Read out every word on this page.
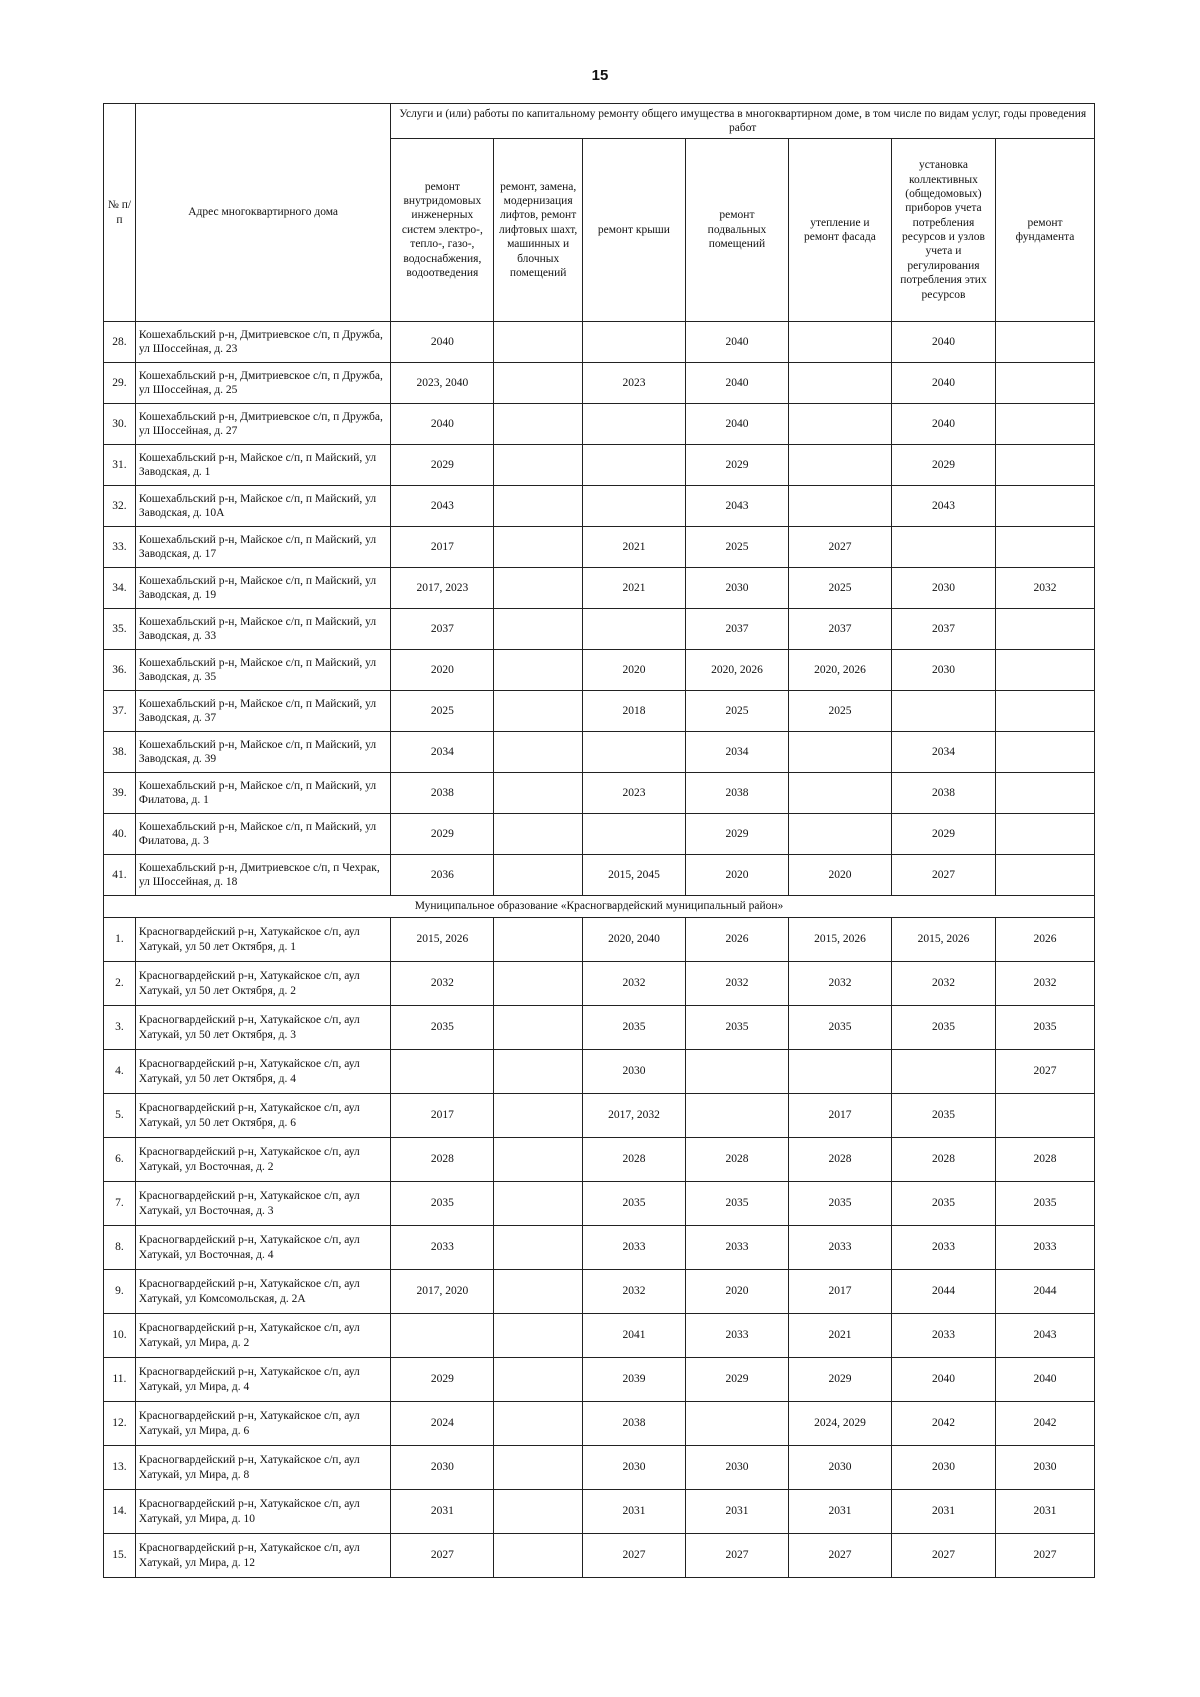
15
№ п/п	Адрес многоквартирного дома	Услуги и (или) работы по капитальному ремонту общего имущества в многоквартирном доме, в том числе по видам услуг, годы проведения работ						
		ремонт внутридомовых инженерных систем электро-, тепло-, газо-, водоснабжения, водоотведения	ремонт, замена, модернизация лифтов, ремонт лифтовых шахт, машинных и блочных помещений	ремонт крыши	ремонт подвальных помещений	утепление и ремонт фасада	установка коллективных (общедомовых) приборов учета потребления ресурсов и узлов учета и регулирования потребления этих ресурсов	ремонт фундамента
28.	Кошехабльский р-н, Дмитриевское с/п, п Дружба, ул Шоссейная, д. 23	2040			2040		2040	
29.	Кошехабльский р-н, Дмитриевское с/п, п Дружба, ул Шоссейная, д. 25	2023, 2040		2023	2040		2040	
30.	Кошехабльский р-н, Дмитриевское с/п, п Дружба, ул Шоссейная, д. 27	2040			2040		2040	
31.	Кошехабльский р-н, Майское с/п, п Майский, ул Заводская, д. 1	2029			2029		2029	
32.	Кошехабльский р-н, Майское с/п, п Майский, ул Заводская, д. 10А	2043			2043		2043	
33.	Кошехабльский р-н, Майское с/п, п Майский, ул Заводская, д. 17	2017		2021	2025	2027		
34.	Кошехабльский р-н, Майское с/п, п Майский, ул Заводская, д. 19	2017, 2023		2021	2030	2025	2030	2032
35.	Кошехабльский р-н, Майское с/п, п Майский, ул Заводская, д. 33	2037			2037	2037	2037	
36.	Кошехабльский р-н, Майское с/п, п Майский, ул Заводская, д. 35	2020		2020	2020, 2026	2020, 2026	2030	
37.	Кошехабльский р-н, Майское с/п, п Майский, ул Заводская, д. 37	2025		2018	2025	2025		
38.	Кошехабльский р-н, Майское с/п, п Майский, ул Заводская, д. 39	2034			2034		2034	
39.	Кошехабльский р-н, Майское с/п, п Майский, ул Филатова, д. 1	2038		2023	2038		2038	
40.	Кошехабльский р-н, Майское с/п, п Майский, ул Филатова, д. 3	2029			2029		2029	
41.	Кошехабльский р-н, Дмитриевское с/п, п Чехрак, ул Шоссейная, д. 18	2036		2015, 2045	2020	2020	2027	
Муниципальное образование «Красногвардейский муниципальный район»								
1.	Красногвардейский р-н, Хатукайское с/п, аул Хатукай, ул 50 лет Октября, д. 1	2015, 2026		2020, 2040	2026	2015, 2026	2015, 2026	2026
2.	Красногвардейский р-н, Хатукайское с/п, аул Хатукай, ул 50 лет Октября, д. 2	2032		2032	2032	2032	2032	2032
3.	Красногвардейский р-н, Хатукайское с/п, аул Хатукай, ул 50 лет Октября, д. 3	2035		2035	2035	2035	2035	2035
4.	Красногвардейский р-н, Хатукайское с/п, аул Хатукай, ул 50 лет Октября, д. 4			2030				2027
5.	Красногвардейский р-н, Хатукайское с/п, аул Хатукай, ул 50 лет Октября, д. 6	2017		2017, 2032		2017	2035	
6.	Красногвардейский р-н, Хатукайское с/п, аул Хатукай, ул Восточная, д. 2	2028		2028	2028	2028	2028	2028
7.	Красногвардейский р-н, Хатукайское с/п, аул Хатукай, ул Восточная, д. 3	2035		2035	2035	2035	2035	2035
8.	Красногвардейский р-н, Хатукайское с/п, аул Хатукай, ул Восточная, д. 4	2033		2033	2033	2033	2033	2033
9.	Красногвардейский р-н, Хатукайское с/п, аул Хатукай, ул Комсомольская, д. 2А	2017, 2020		2032	2020	2017	2044	2044
10.	Красногвардейский р-н, Хатукайское с/п, аул Хатукай, ул Мира, д. 2			2041	2033	2021	2033	2043
11.	Красногвардейский р-н, Хатукайское с/п, аул Хатукай, ул Мира, д. 4	2029		2039	2029	2029	2040	2040
12.	Красногвардейский р-н, Хатукайское с/п, аул Хатукай, ул Мира, д. 6	2024		2038		2024, 2029	2042	2042
13.	Красногвардейский р-н, Хатукайское с/п, аул Хатукай, ул Мира, д. 8	2030		2030	2030	2030	2030	2030
14.	Красногвардейский р-н, Хатукайское с/п, аул Хатукай, ул Мира, д. 10	2031		2031	2031	2031	2031	2031
15.	Красногвардейский р-н, Хатукайское с/п, аул Хатукай, ул Мира, д. 12	2027		2027	2027	2027	2027	2027
